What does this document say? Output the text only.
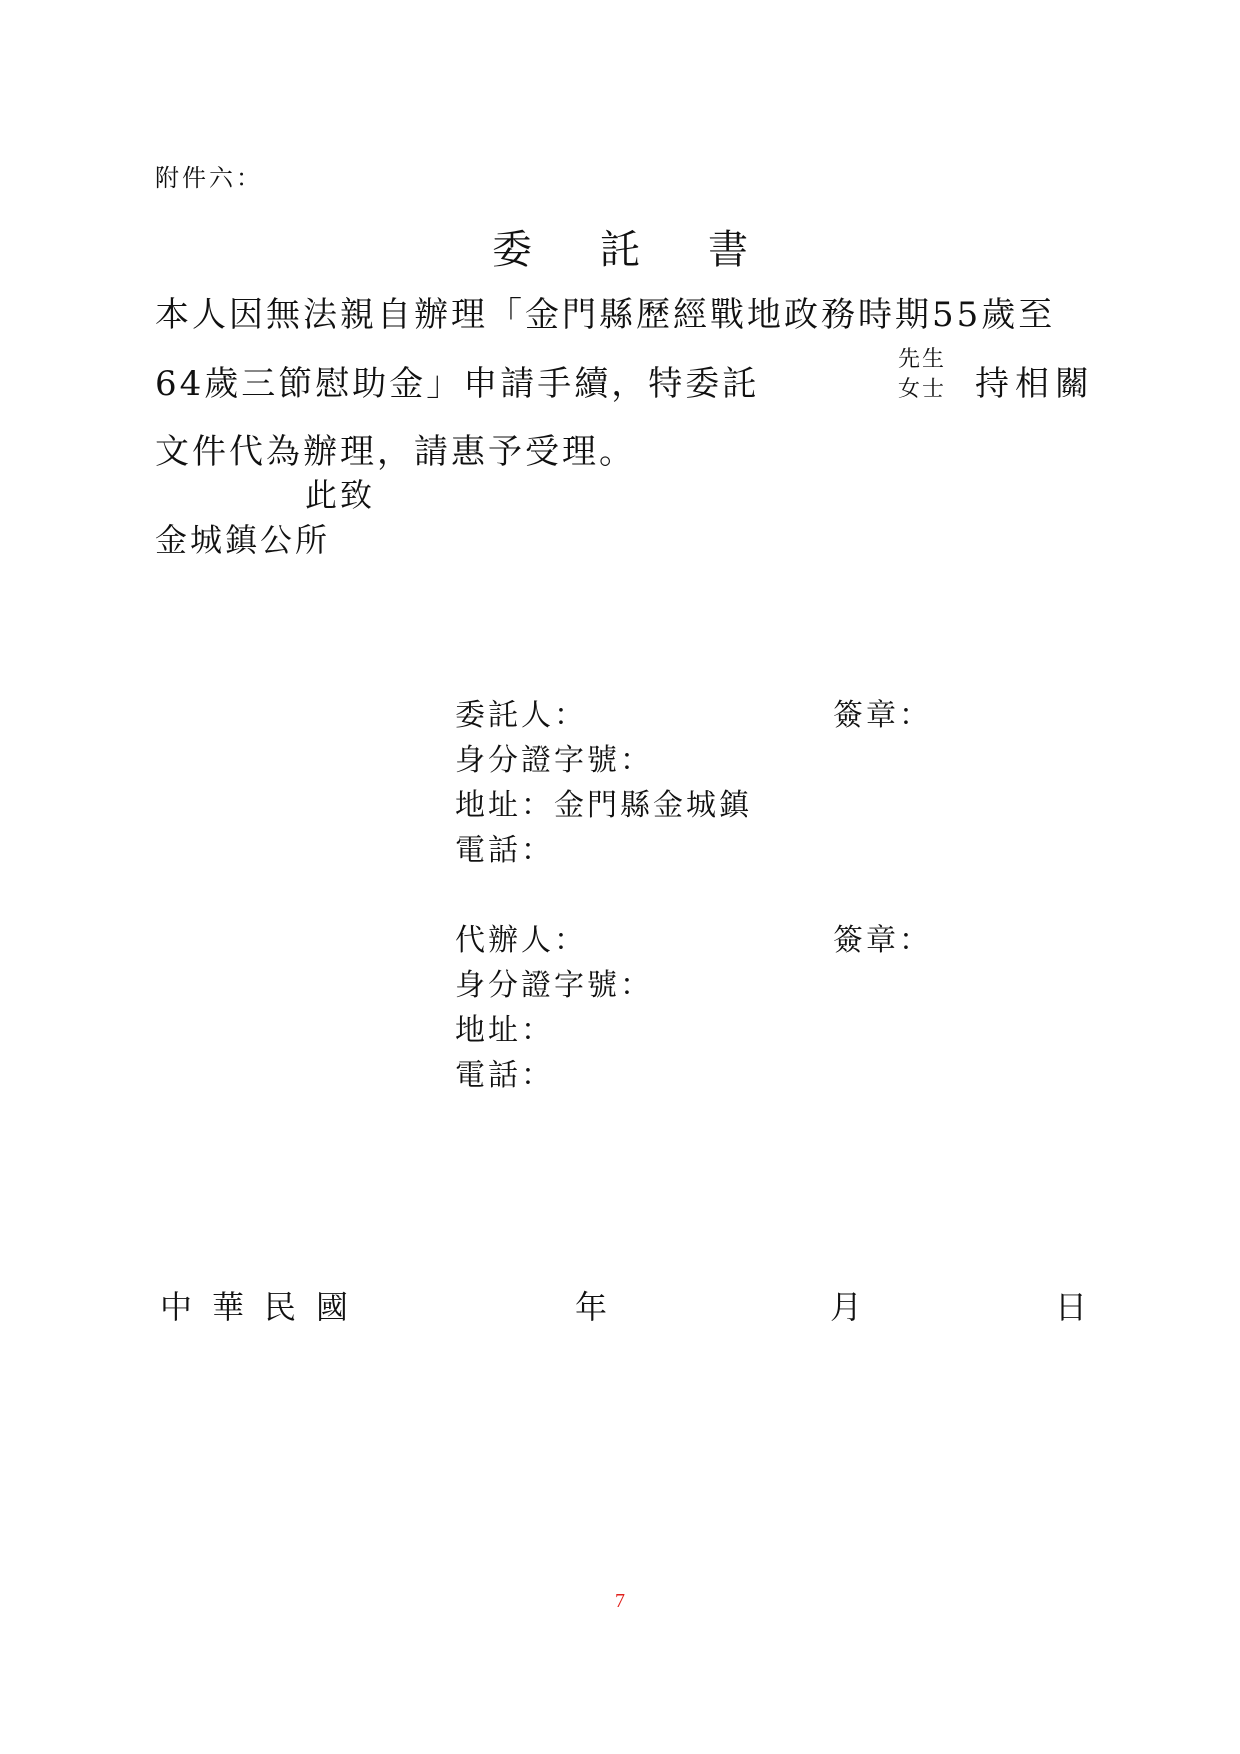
附件六：
委託書
本人因無法親自辦理「金門縣歷經戰地政務時期55歲至
64歲三節慰助金」申請手續，特委託
先生
女士 持相關
文件代為辦理，請惠予受理。
此致
金城鎮公所
委託人：	簽章：
身分證字號：
地址：金門縣金城鎮
電話：
代辦人：	簽章：
身分證字號：
地址：
電話：
中華民國	年	月	日
7
